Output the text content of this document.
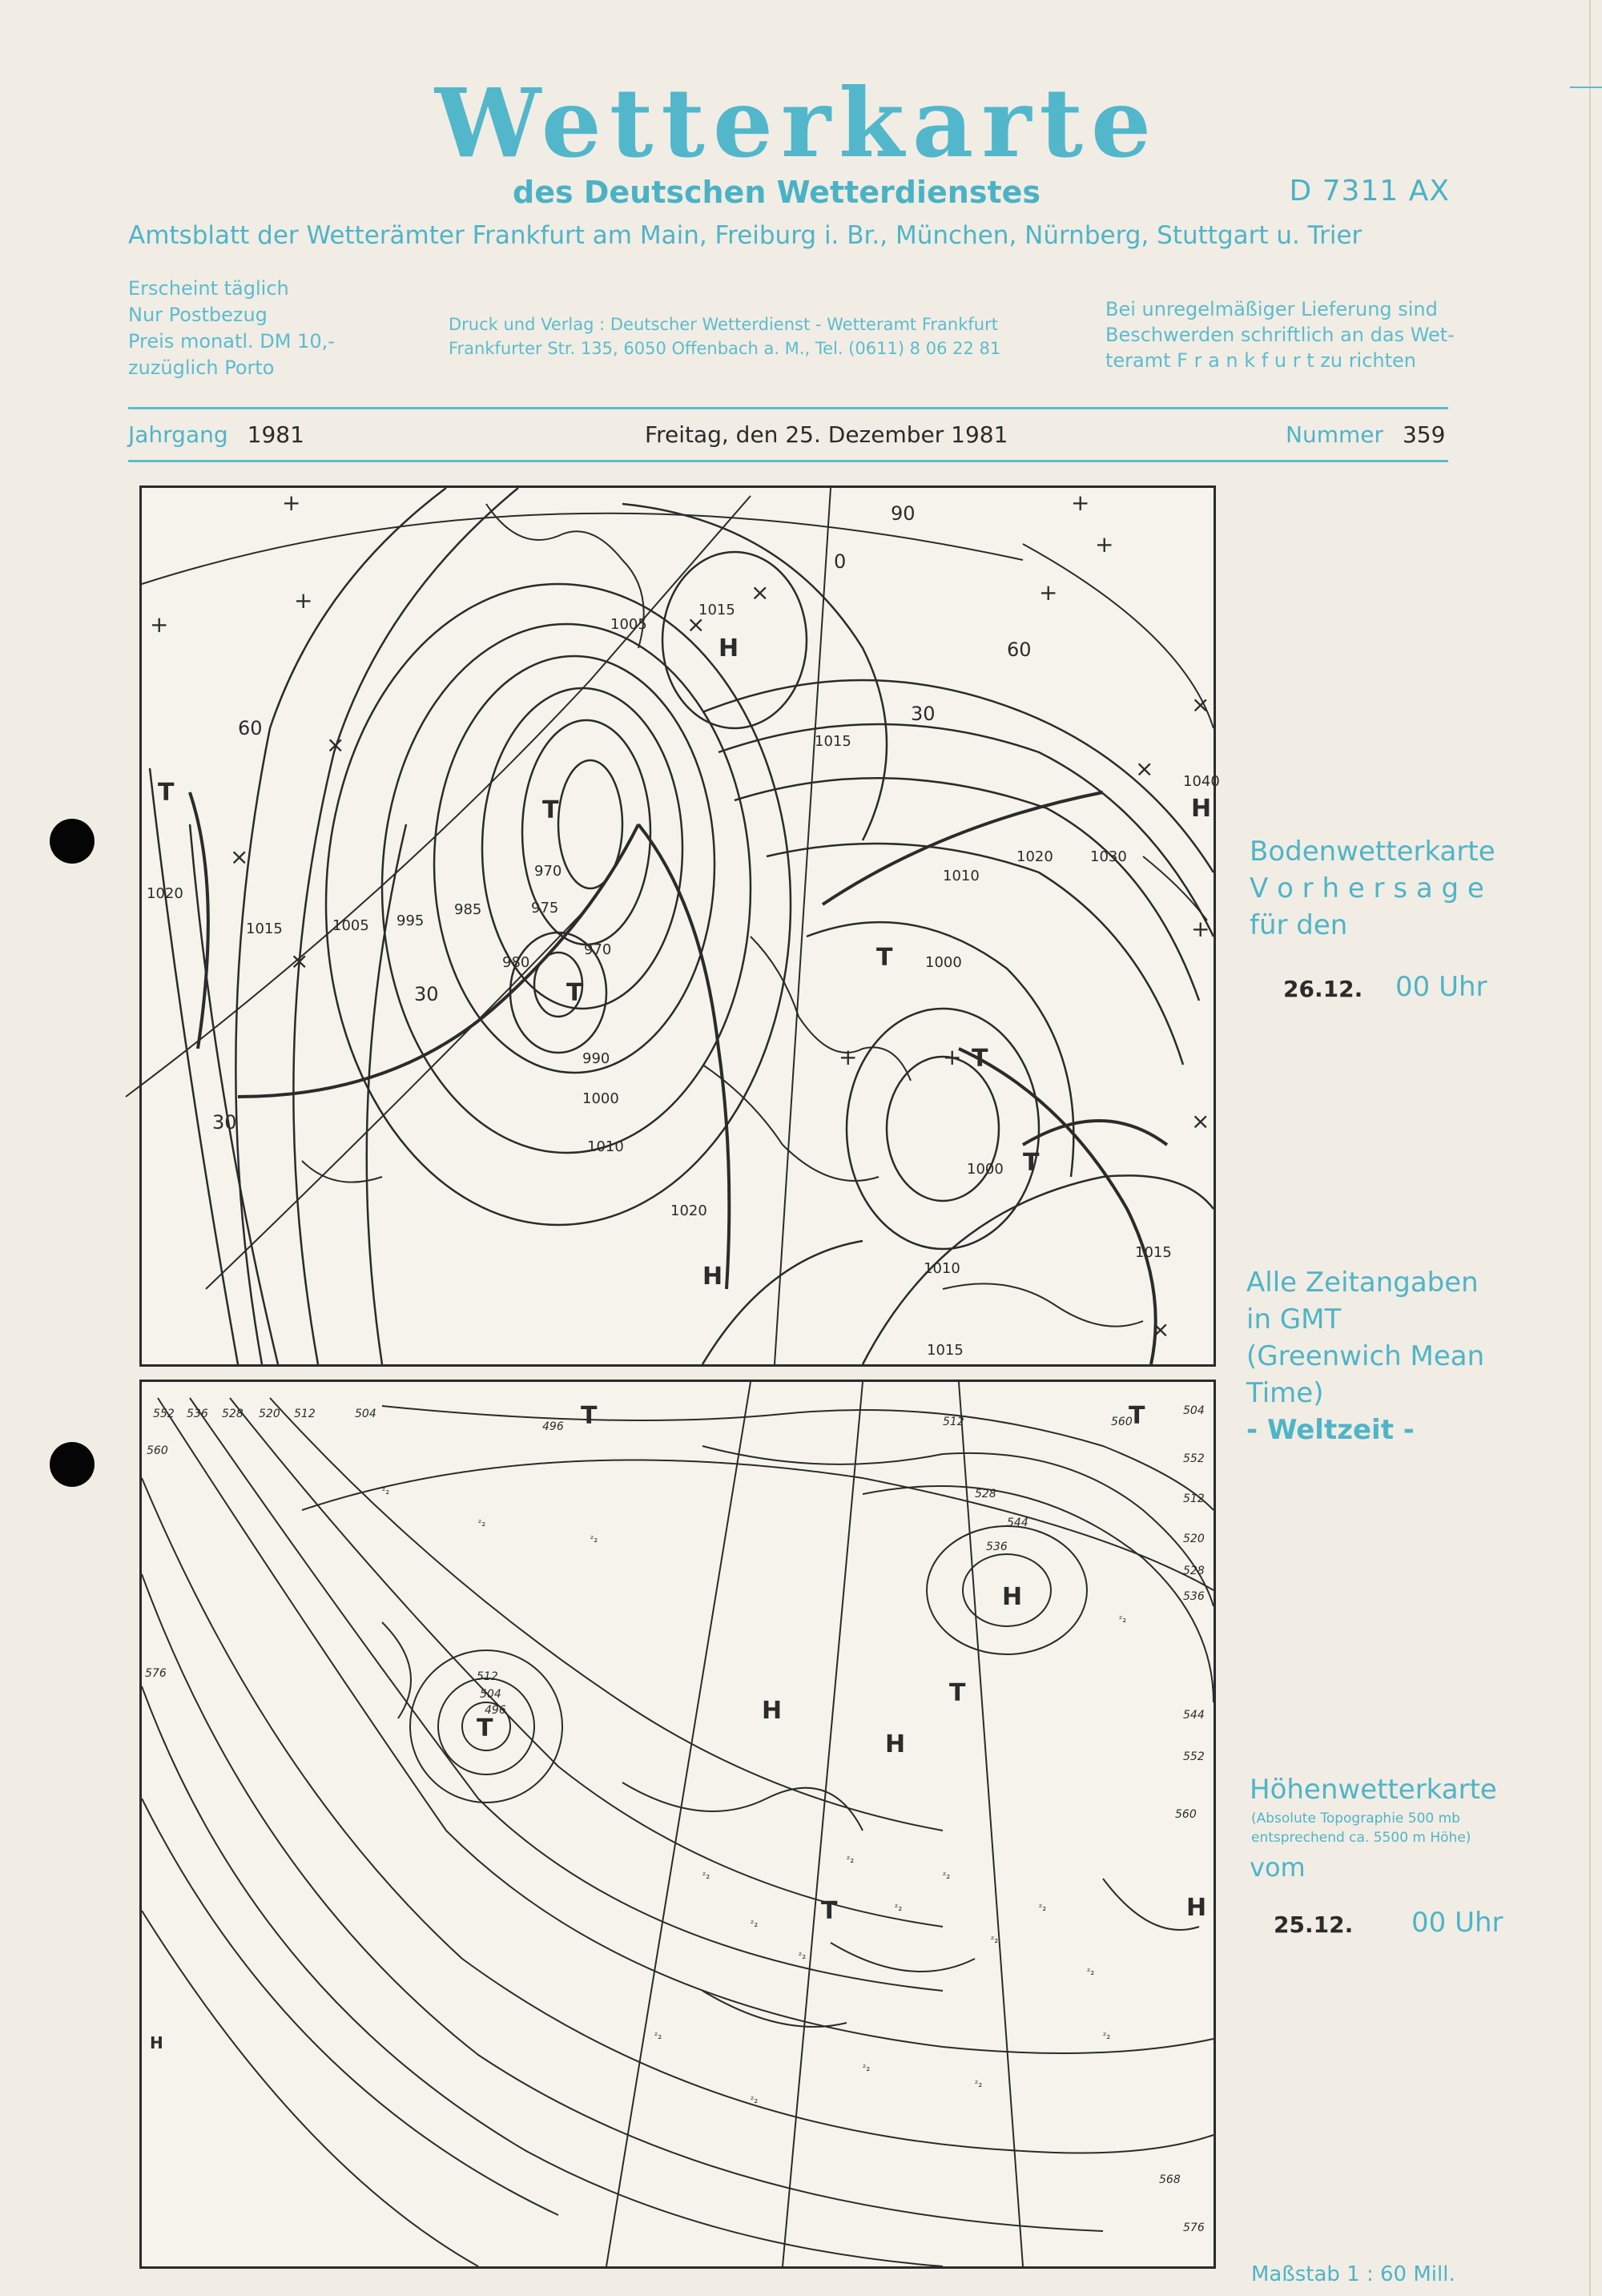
Wetterkarte
des Deutschen Wetterdienstes	D 7311 AX
Amtsblatt der Wetterämter Frankfurt am Main, Freiburg i. Br., München, Nürnberg, Stuttgart u. Trier
Erscheint täglich
Nur Postbezug
Preis monatl. DM 10,-
zuzüglich Porto
Druck und Verlag : Deutscher Wetterdienst - Wetteramt Frankfurt
Frankfurter Str. 135, 6050 Offenbach a. M., Tel. (0611) 8 06 22 81
Bei unregelmäßiger Lieferung sind
Beschwerden schriftlich an das Wet-
teramt F r a n k f u r t zu richten
Jahrgang 1981	Freitag, den 25. Dezember 1981	Nummer 359
+	+
+
+
+
×
×
×
×
×
+	+
×
×
+
×
×	+
1005
1015
1015
1020
1015	1005 995
985	975
970
980
970
990
1000
1010
1020
1010
1000
1020	1030
1040
1000
1010
1015
1015
60
30
30
90
0
60
30
H
T
T
T
T
T
H
H
T
Bodenwetterkarte
V o r h e r s a g e
für den
26.12. 00 Uhr
Alle Zeitangaben
in GMT
(Greenwich Mean
Time)
- Weltzeit -
ᶻ₂
ᶻ₂
ᶻ₂
ᶻ₂
ᶻ₂
ᶻ₂
ᶻ₂
ᶻ₂
ᶻ₂
ᶻ₂
ᶻ₂
ᶻ₂
ᶻ₂
ᶻ₂
ᶻ₂
ᶻ₂
ᶻ₂
ᶻ₂
552 536 528 520 512	504
496
560
576	512
504
496
512
528
536
544
552
560
504
512
520
528
536
544
552
560
568
576
T	T
T
H
H
H
T
T	H
H
Höhenwetterkarte
(Absolute Topographie 500 mb
entsprechend ca. 5500 m Höhe)
vom
25.12. 00 Uhr
Maßstab 1 : 60 Mill.
